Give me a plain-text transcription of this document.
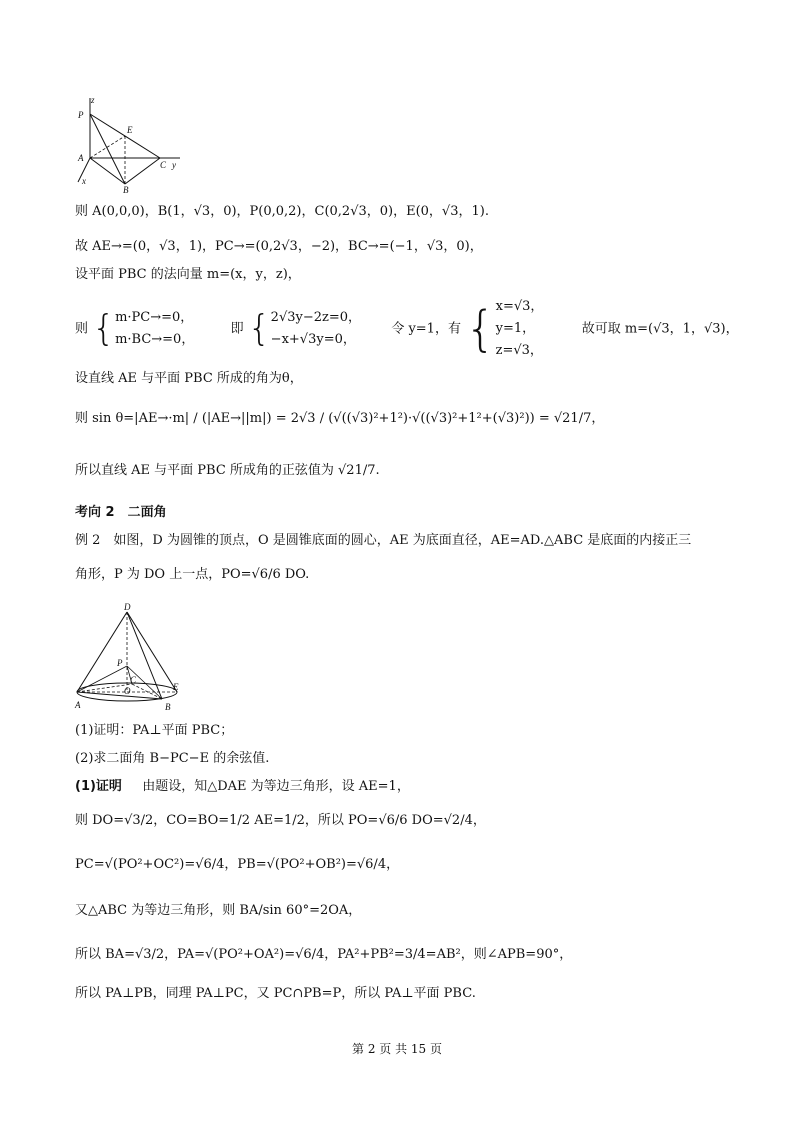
z
P
E
A
C y
x
B
则 A(0,0,0)，B(1，√3，0)，P(0,0,2)，C(0,2√3，0)，E(0，√3，1).
故 AE→=(0，√3，1)，PC→=(0,2√3，−2)，BC→=(−1，√3，0)，
设平面 PBC 的法向量 m=(x，y，z)，
则 { m·PC→=0，
m·BC→=0，
即 { 2√3y−2z=0，
−x+√3y=0，
令 y=1，有 { x=√3，
y=1，
z=√3，
故可取 m=(√3，1，√3)，
设直线 AE 与平面 PBC 所成的角为θ，
则 sin θ=|AE→·m| / (|AE→||m|) = 2√3 / (√((√3)²+1²)·√((√3)²+1²+(√3)²)) = √21/7，
所以直线 AE 与平面 PBC 所成角的正弦值为 √21/7.
考向 2　二面角
例 2　如图，D 为圆锥的顶点，O 是圆锥底面的圆心，AE 为底面直径，AE=AD.△ABC 是底面的内接正三
角形，P 为 DO 上一点，PO=√6/6 DO.
D
P
C
O	E
A	B
(1)证明：PA⊥平面 PBC；
(2)求二面角 B−PC−E 的余弦值.
(1)证明 由题设，知△DAE 为等边三角形，设 AE=1，
则 DO=√3/2，CO=BO=1/2 AE=1/2，所以 PO=√6/6 DO=√2/4，
PC=√(PO²+OC²)=√6/4，PB=√(PO²+OB²)=√6/4，
又△ABC 为等边三角形，则 BA/sin 60°=2OA，
所以 BA=√3/2，PA=√(PO²+OA²)=√6/4，PA²+PB²=3/4=AB²，则∠APB=90°，
所以 PA⊥PB，同理 PA⊥PC，又 PC∩PB=P，所以 PA⊥平面 PBC.
第 2 页 共 15 页
